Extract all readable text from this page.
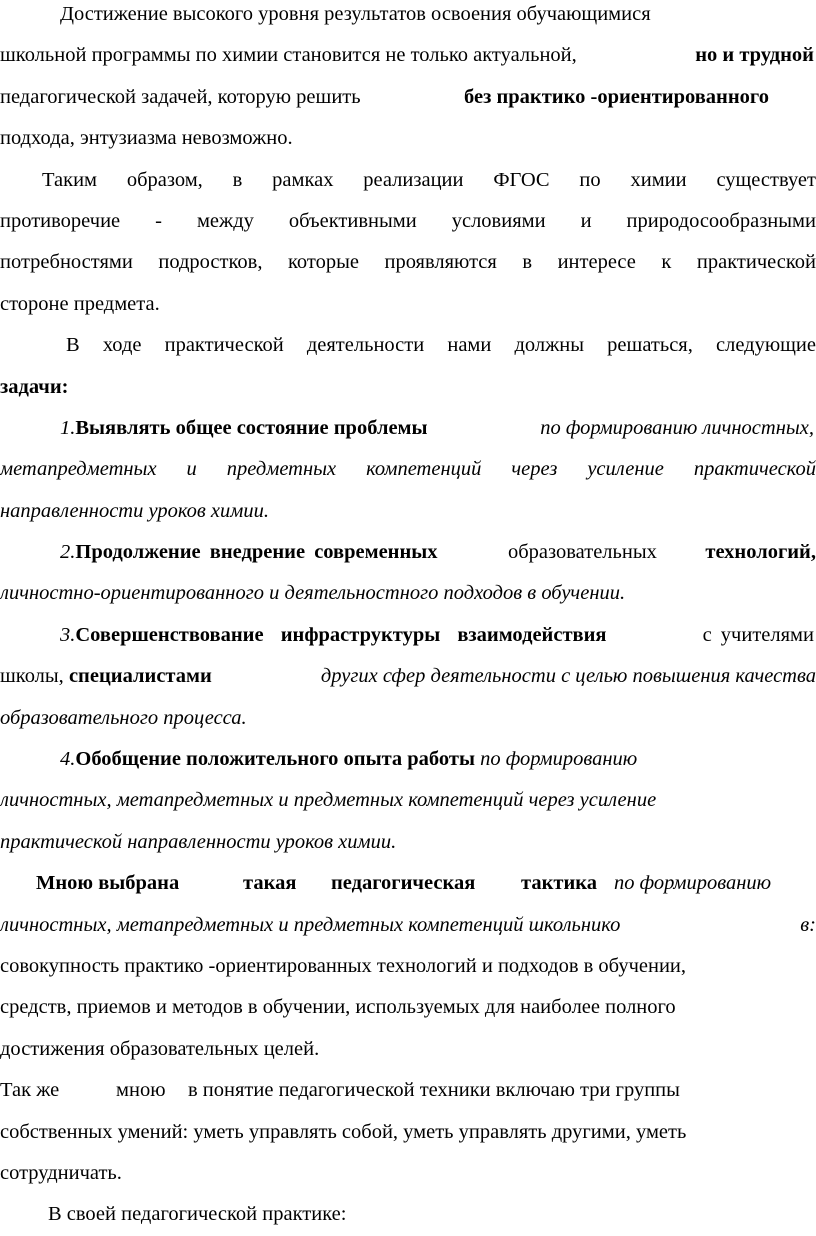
Достижение высокого уровня результатов освоения обучающимися
школьной программы по химии становится не только актуальной,	но и трудной
педагогической задачей, которую решить	без практико -ориентированного
подхода, энтузиазма невозможно.
Таким образом, в рамках реализации ФГОС по химии существует
противоречие - между объективными условиями и природосообразными
потребностями подростков, которые проявляются в интересе к практической
стороне предмета.
В ходе практической деятельности нами должны решаться, следующие
задачи:
1.Выявлять общее состояние проблемы	по формированию личностных,
метапредметных и предметных компетенций через усиление практической
направленности уроков химии.
2.Продолжение внедрение современных	образовательных технологий,
личностно-ориентированного и деятельностного подходов в обучении.
3.Совершенствование инфраструктуры взаимодействия	с учителями
школы, специалистами	других сфер деятельности с целью повышения качества
образовательного процесса.
4.Обобщение положительного опыта работы по формированию
личностных, метапредметных и предметных компетенций через усиление
практической направленности уроков химии.
Мною выбрана	такая педагогическая тактика по формированию
личностных, метапредметных и предметных компетенций школьнико	в:
совокупность практико -ориентированных технологий и подходов в обучении,
средств, приемов и методов в обучении, используемых для наиболее полного
достижения образовательных целей.
Так же	мною в понятие педагогической техники включаю три группы
собственных умений: уметь управлять собой, уметь управлять другими, уметь
сотрудничать.
В своей педагогической практике:
